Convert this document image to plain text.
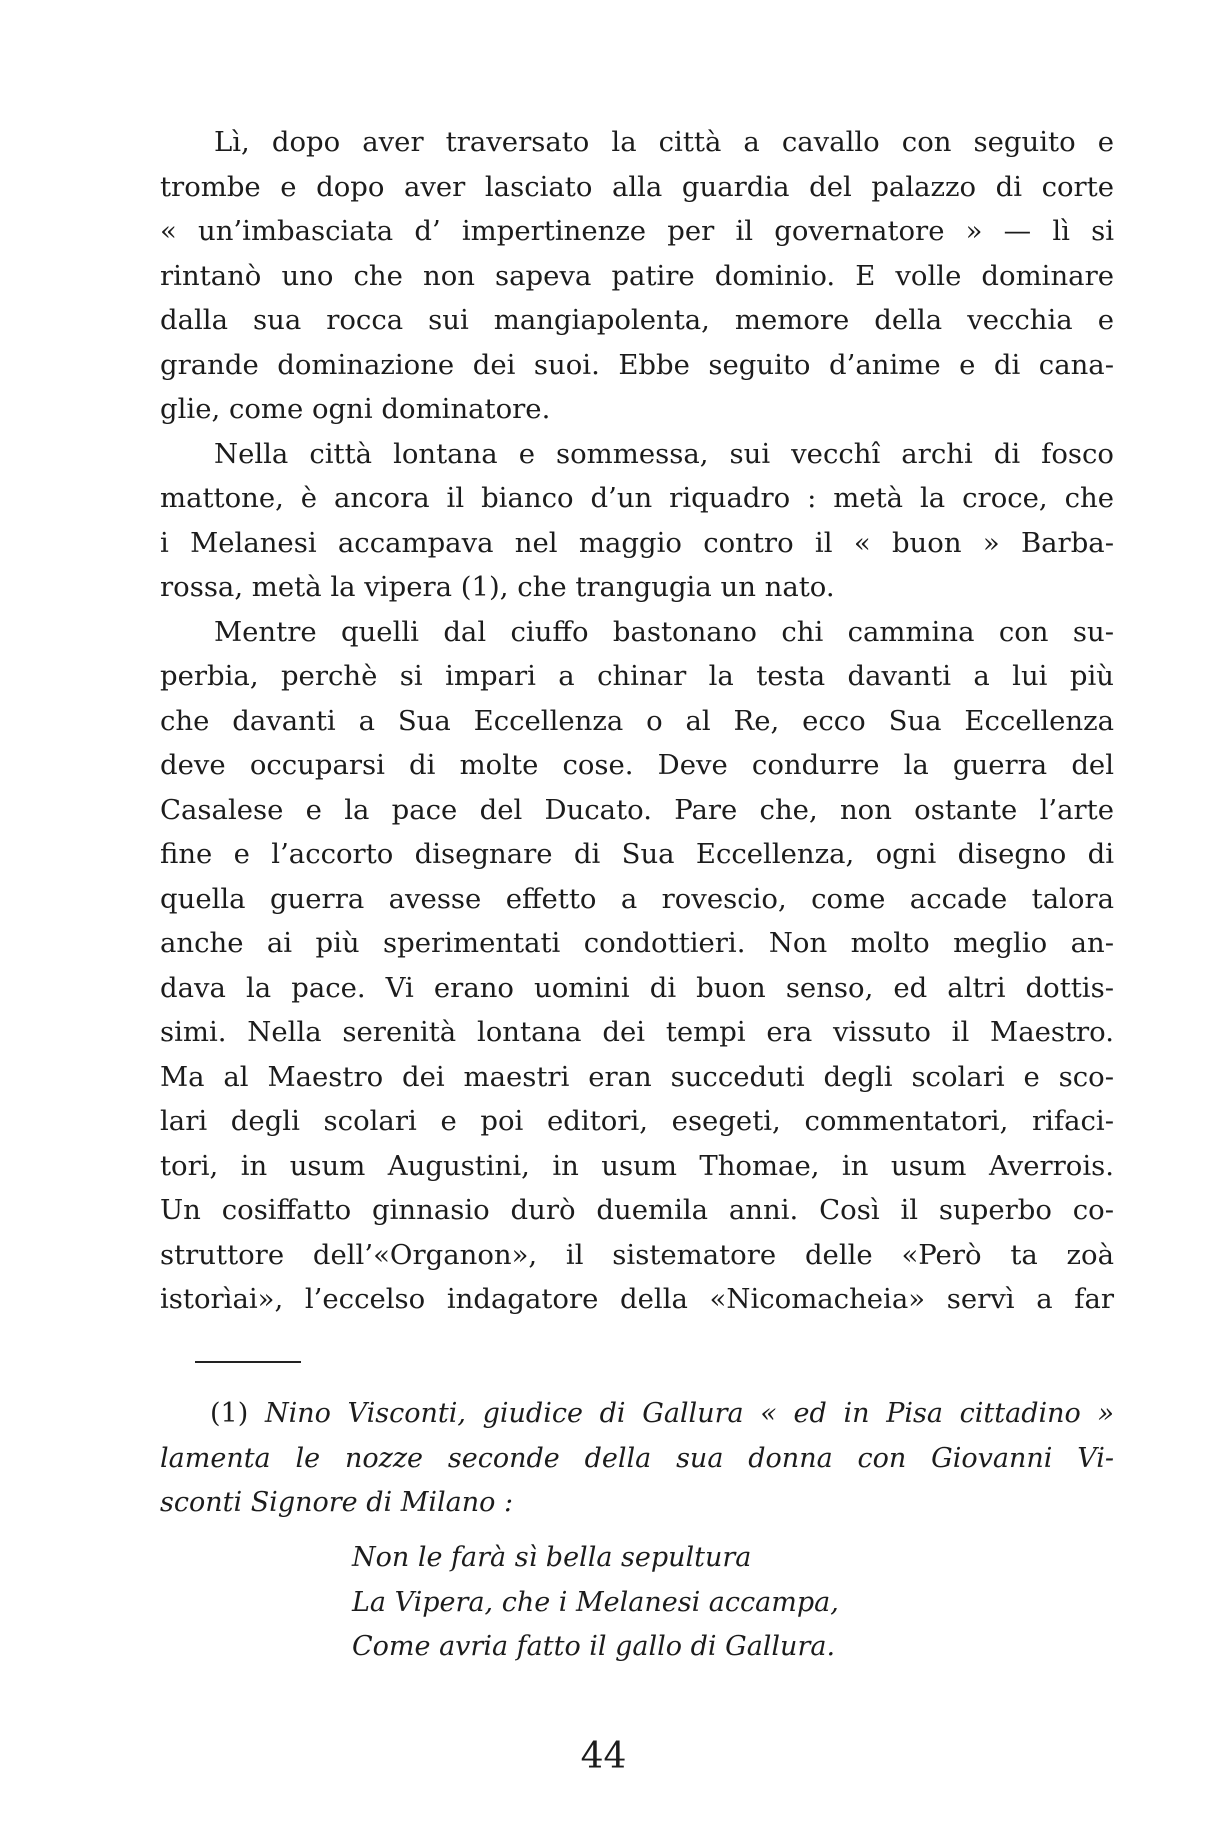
Lì, dopo aver traversato la città a cavallo con seguito e
trombe e dopo aver lasciato alla guardia del palazzo di corte
« un’imbasciata d’ impertinenze per il governatore » — lì si
rintanò uno che non sapeva patire dominio. E volle dominare
dalla sua rocca sui mangiapolenta, memore della vecchia e
grande dominazione dei suoi. Ebbe seguito d’anime e di cana-
glie, come ogni dominatore.
Nella città lontana e sommessa, sui vecchî archi di fosco
mattone, è ancora il bianco d’un riquadro : metà la croce, che
i Melanesi accampava nel maggio contro il « buon » Barba-
rossa, metà la vipera (1), che trangugia un nato.
Mentre quelli dal ciuffo bastonano chi cammina con su-
perbia, perchè si impari a chinar la testa davanti a lui più
che davanti a Sua Eccellenza o al Re, ecco Sua Eccellenza
deve occuparsi di molte cose. Deve condurre la guerra del
Casalese e la pace del Ducato. Pare che, non ostante l’arte
fine e l’accorto disegnare di Sua Eccellenza, ogni disegno di
quella guerra avesse effetto a rovescio, come accade talora
anche ai più sperimentati condottieri. Non molto meglio an-
dava la pace. Vi erano uomini di buon senso, ed altri dottis-
simi. Nella serenità lontana dei tempi era vissuto il Maestro.
Ma al Maestro dei maestri eran succeduti degli scolari e sco-
lari degli scolari e poi editori, esegeti, commentatori, rifaci-
tori, in usum Augustini, in usum Thomae, in usum Averrois.
Un cosiffatto ginnasio durò duemila anni. Così il superbo co-
struttore dell’«Organon», il sistematore delle «Però ta zoà
istorìai», l’eccelso indagatore della «Nicomacheia» servì a far
(1) Nino Visconti, giudice di Gallura « ed in Pisa cittadino »
lamenta le nozze seconde della sua donna con Giovanni Vi-
sconti Signore di Milano :
Non le farà sì bella sepultura
La Vipera, che i Melanesi accampa,
Come avria fatto il gallo di Gallura.
44
